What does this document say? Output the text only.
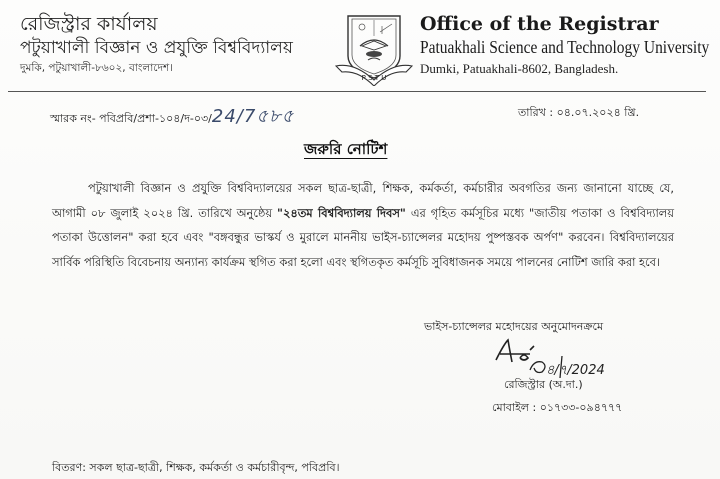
রেজিস্ট্রার কার্যালয়
পটুয়াখালী বিজ্ঞান ও প্রযুক্তি বিশ্ববিদ্যালয়
দুমকি, পটুয়াখালী-৮৬০২, বাংলাদেশ।
P S T U
Office of the Registrar
Patuakhali Science and Technology University
Dumki, Patuakhali-8602, Bangladesh.
স্মারক নং- পবিপ্রবি/প্রশা-১০৪/দ-০৩/24/7৫৮৫	তারিখ : ০৪.০৭.২০২৪ খ্রি.
জরুরি নোটিশ
পটুয়াখালী বিজ্ঞান ও প্রযুক্তি বিশ্ববিদ্যালয়ের সকল ছাত্র-ছাত্রী, শিক্ষক, কর্মকর্তা, কর্মচারীর অবগতির জন্য জানানো যাচ্ছে যে, আগামী ০৮ জুলাই ২০২৪ খ্রি. তারিখে অনুষ্ঠেয় "২৪তম বিশ্ববিদ্যালয় দিবস" এর গৃহিত কর্মসূচির মধ্যে "জাতীয় পতাকা ও বিশ্ববিদ্যালয় পতাকা উত্তোলন" করা হবে এবং "বঙ্গবন্ধুর ভাস্কর্য ও মুরালে মাননীয় ভাইস-চ্যান্সেলর মহোদয় পুষ্পস্তবক অর্পণ" করবেন। বিশ্ববিদ্যালয়ের সার্বিক পরিস্থিতি বিবেচনায় অন্যান্য কার্যক্রম স্থগিত করা হলো এবং স্থগিতকৃত কর্মসূচি সুবিধাজনক সময়ে পালনের নোটিশ জারি করা হবে।
ভাইস-চ্যান্সেলর মহোদয়ের অনুমোদনক্রমে
৪/৭/2024
রেজিস্ট্রার (অ.দা.)
মোবাইল : ০১৭৩৩-০৯৪৭৭৭
বিতরণ: সকল ছাত্র-ছাত্রী, শিক্ষক, কর্মকর্তা ও কর্মচারীবৃন্দ, পবিপ্রবি।
